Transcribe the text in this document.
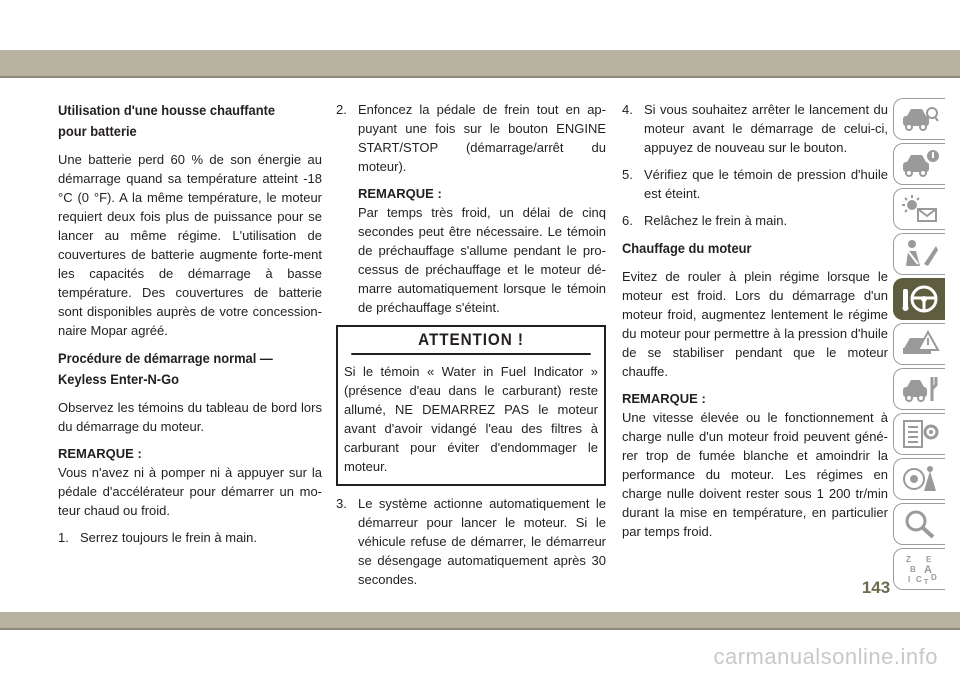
Utilisation d'une housse chauffante pour batterie

Une batterie perd 60 % de son énergie au démarrage quand sa température atteint -18 °C (0 °F). A la même température, le moteur requiert deux fois plus de puissance pour se lancer au même régime. L'utilisation de couvertures de batterie augmente forte-ment les capacités de démarrage à basse température. Des couvertures de batterie sont disponibles auprès de votre concession-naire Mopar agréé.

Procédure de démarrage normal — Keyless Enter-N-Go

Observez les témoins du tableau de bord lors du démarrage du moteur.

REMARQUE :
Vous n'avez ni à pomper ni à appuyer sur la pédale d'accélérateur pour démarrer un mo-teur chaud ou froid.
1. Serrez toujours le frein à main.
2. Enfoncez la pédale de frein tout en ap-puyant une fois sur le bouton ENGINE START/STOP (démarrage/arrêt du moteur).
REMARQUE :
Par temps très froid, un délai de cinq secondes peut être nécessaire. Le témoin de préchauffage s'allume pendant le pro-cessus de préchauffage et le moteur dé-marre automatiquement lorsque le témoin de préchauffage s'éteint.
ATTENTION !
Si le témoin « Water in Fuel Indicator » (présence d'eau dans le carburant) reste allumé, NE DEMARREZ PAS le moteur avant d'avoir vidangé l'eau des filtres à carburant pour éviter d'endommager le moteur.
3. Le système actionne automatiquement le démarreur pour lancer le moteur. Si le véhicule refuse de démarrer, le démarreur se désengage automatiquement après 30 secondes.
4. Si vous souhaitez arrêter le lancement du moteur avant le démarrage de celui-ci, appuyez de nouveau sur le bouton.
5. Vérifiez que le témoin de pression d'huile est éteint.
6. Relâchez le frein à main.
Chauffage du moteur

Evitez de rouler à plein régime lorsque le moteur est froid. Lors du démarrage d'un moteur froid, augmentez lentement le régime du moteur pour permettre à la pression d'huile de se stabiliser pendant que le moteur chauffe.

REMARQUE :
Une vitesse élevée ou le fonctionnement à charge nulle d'un moteur froid peuvent géné-rer trop de fumée blanche et amoindrir la performance du moteur. Les régimes en charge nulle doivent rester sous 1 200 tr/min durant la mise en température, en particulier par temps froid.
Z E
B A
C D
I T
143
carmanualsonline.info
